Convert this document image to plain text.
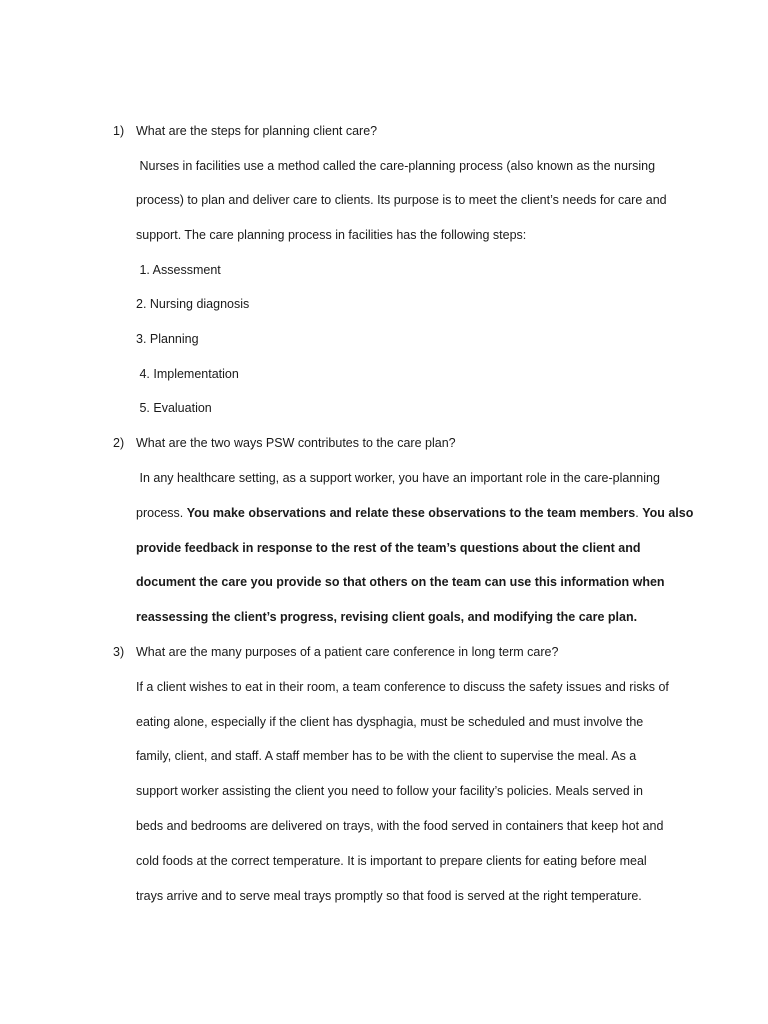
1) What are the steps for planning client care?
Nurses in facilities use a method called the care-planning process (also known as the nursing
process) to plan and deliver care to clients. Its purpose is to meet the client’s needs for care and
support. The care planning process in facilities has the following steps:
1. Assessment
2. Nursing diagnosis
3. Planning
4. Implementation
5. Evaluation
2) What are the two ways PSW contributes to the care plan?
In any healthcare setting, as a support worker, you have an important role in the care-planning
process. You make observations and relate these observations to the team members. You also
provide feedback in response to the rest of the team’s questions about the client and
document the care you provide so that others on the team can use this information when
reassessing the client’s progress, revising client goals, and modifying the care plan.
3) What are the many purposes of a patient care conference in long term care?
If a client wishes to eat in their room, a team conference to discuss the safety issues and risks of
eating alone, especially if the client has dysphagia, must be scheduled and must involve the
family, client, and staff. A staff member has to be with the client to supervise the meal. As a
support worker assisting the client you need to follow your facility’s policies. Meals served in
beds and bedrooms are delivered on trays, with the food served in containers that keep hot and
cold foods at the correct temperature. It is important to prepare clients for eating before meal
trays arrive and to serve meal trays promptly so that food is served at the right temperature.
